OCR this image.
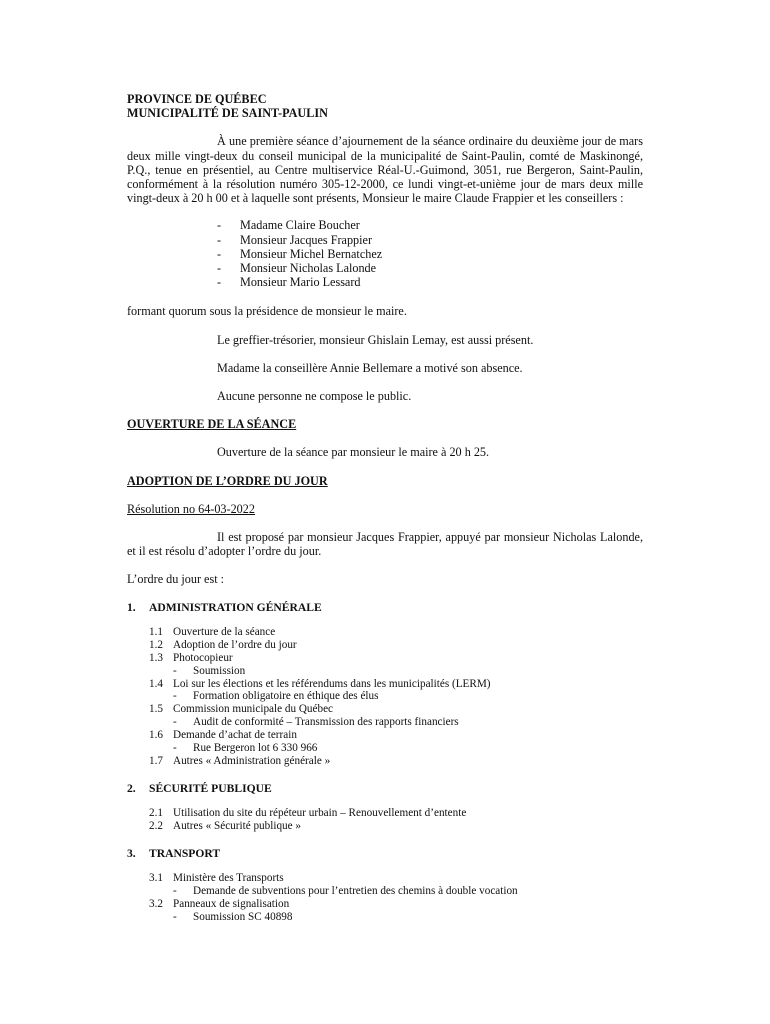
PROVINCE DE QUÉBEC
MUNICIPALITÉ DE SAINT-PAULIN

À une première séance d’ajournement de la séance ordinaire du deuxième jour de mars deux mille vingt-deux du conseil municipal de la municipalité de Saint-Paulin, comté de Maskinongé, P.Q., tenue en présentiel, au Centre multiservice Réal-U.-Guimond, 3051, rue Bergeron, Saint-Paulin, conformément à la résolution numéro 305-12-2000, ce lundi vingt-et-unième jour de mars deux mille vingt-deux à 20 h 00 et à laquelle sont présents, Monsieur le maire Claude Frappier et les conseillers :

-	Madame Claire Boucher
-	Monsieur Jacques Frappier
-	Monsieur Michel Bernatchez
-	Monsieur Nicholas Lalonde
-	Monsieur Mario Lessard

formant quorum sous la présidence de monsieur le maire.

Le greffier-trésorier, monsieur Ghislain Lemay, est aussi présent.

Madame la conseillère Annie Bellemare a motivé son absence.

Aucune personne ne compose le public.

OUVERTURE DE LA SÉANCE

Ouverture de la séance par monsieur le maire à 20 h 25.

ADOPTION DE L’ORDRE DU JOUR
Résolution no 64-03-2022

Il est proposé par monsieur Jacques Frappier, appuyé par monsieur Nicholas Lalonde, et il est résolu d’adopter l’ordre du jour.

L’ordre du jour est :

1.	ADMINISTRATION GÉNÉRALE
1.1 Ouverture de la séance
1.2 Adoption de l’ordre du jour
1.3 Photocopieur
-	Soumission
1.4 Loi sur les élections et les référendums dans les municipalités (LERM)
-	Formation obligatoire en éthique des élus
1.5 Commission municipale du Québec
-	Audit de conformité – Transmission des rapports financiers
1.6 Demande d’achat de terrain
-	Rue Bergeron lot 6 330 966
1.7 Autres « Administration générale »
2.	SÉCURITÉ PUBLIQUE
2.1 Utilisation du site du répéteur urbain – Renouvellement d’entente
2.2 Autres « Sécurité publique »
3.	TRANSPORT
3.1 Ministère des Transports
-	Demande de subventions pour l’entretien des chemins à double vocation
3.2 Panneaux de signalisation
-	Soumission SC 40898
